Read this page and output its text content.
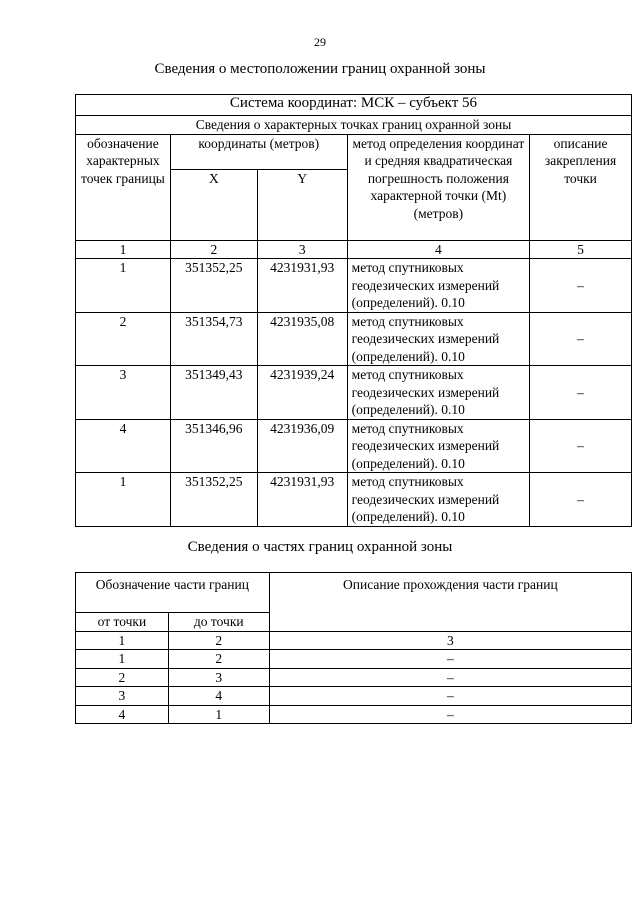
29
Сведения о местоположении границ охранной зоны
Система координат: МСК – субъект 56				
Сведения о характерных точках границ охранной зоны				
обозначение характерных точек границы	координаты (метров)		метод определения координат и средняя квадратическая погрешность положения характерной точки (Mt) (метров)	описание закрепления точки
	X	Y		
1	2	3	4	5
1	351352,25	4231931,93	метод спутниковых геодезических измерений (определений). 0.10	–
2	351354,73	4231935,08	метод спутниковых геодезических измерений (определений). 0.10	–
3	351349,43	4231939,24	метод спутниковых геодезических измерений (определений). 0.10	–
4	351346,96	4231936,09	метод спутниковых геодезических измерений (определений). 0.10	–
1	351352,25	4231931,93	метод спутниковых геодезических измерений (определений). 0.10	–
Сведения о частях границ охранной зоны
Обозначение части границ		Описание прохождения части границ
от точки	до точки	
1	2	3
1	2	–
2	3	–
3	4	–
4	1	–
